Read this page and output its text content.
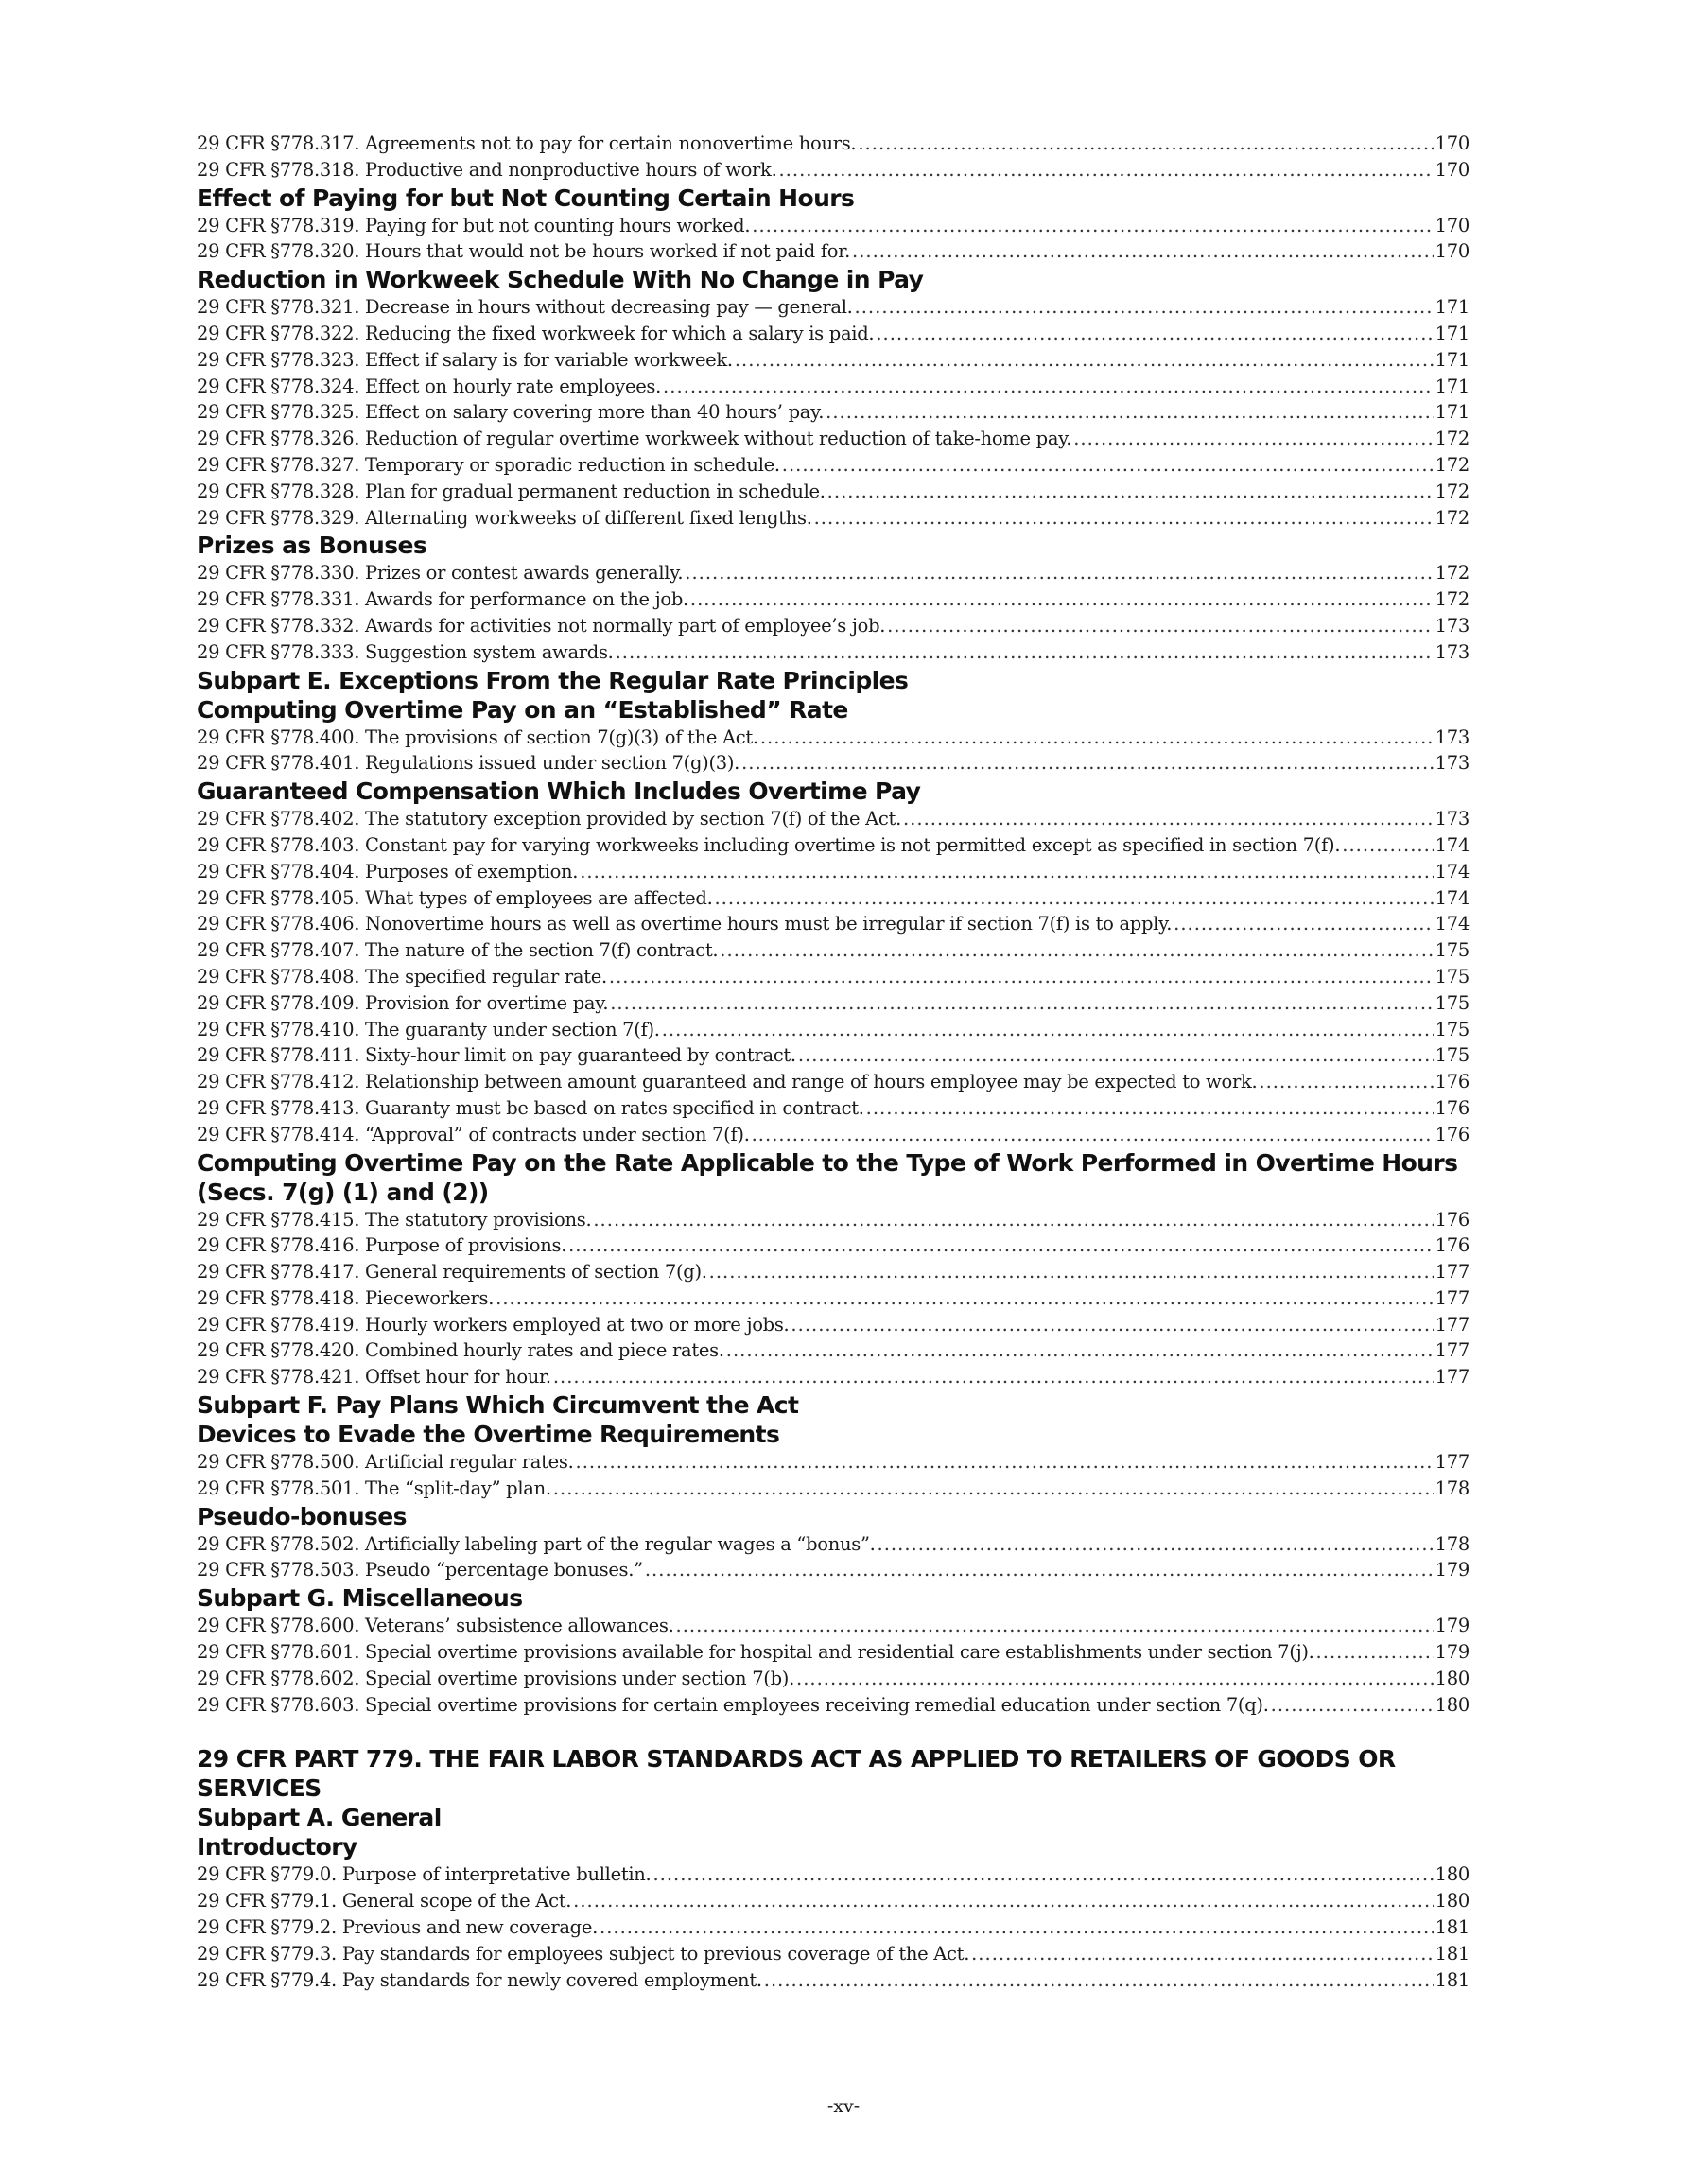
29 CFR §778.317. Agreements not to pay for certain nonovertime hours. .....	170
29 CFR §778.318. Productive and nonproductive hours of work. .....	170
Effect of Paying for but Not Counting Certain Hours
29 CFR §778.319. Paying for but not counting hours worked. .....	170
29 CFR §778.320. Hours that would not be hours worked if not paid for. .....	170
Reduction in Workweek Schedule With No Change in Pay
29 CFR §778.321. Decrease in hours without decreasing pay — general. .....	171
29 CFR §778.322. Reducing the fixed workweek for which a salary is paid. .....	171
29 CFR §778.323. Effect if salary is for variable workweek. .....	171
29 CFR §778.324. Effect on hourly rate employees. .....	171
29 CFR §778.325. Effect on salary covering more than 40 hours’ pay. .....	171
29 CFR §778.326. Reduction of regular overtime workweek without reduction of take-home pay. .....	172
29 CFR §778.327. Temporary or sporadic reduction in schedule. .....	172
29 CFR §778.328. Plan for gradual permanent reduction in schedule. .....	172
29 CFR §778.329. Alternating workweeks of different fixed lengths. .....	172
Prizes as Bonuses
29 CFR §778.330. Prizes or contest awards generally. .....	172
29 CFR §778.331. Awards for performance on the job. .....	172
29 CFR §778.332. Awards for activities not normally part of employee’s job. .....	173
29 CFR §778.333. Suggestion system awards. .....	173
Subpart E. Exceptions From the Regular Rate Principles
Computing Overtime Pay on an “Established” Rate
29 CFR §778.400. The provisions of section 7(g)(3) of the Act. .....	173
29 CFR §778.401. Regulations issued under section 7(g)(3). .....	173
Guaranteed Compensation Which Includes Overtime Pay
29 CFR §778.402. The statutory exception provided by section 7(f) of the Act. .....	173
29 CFR §778.403. Constant pay for varying workweeks including overtime is not permitted except as specified in section 7(f). .....	174
29 CFR §778.404. Purposes of exemption. .....	174
29 CFR §778.405. What types of employees are affected. .....	174
29 CFR §778.406. Nonovertime hours as well as overtime hours must be irregular if section 7(f) is to apply. .....	174
29 CFR §778.407. The nature of the section 7(f) contract. .....	175
29 CFR §778.408. The specified regular rate. .....	175
29 CFR §778.409. Provision for overtime pay. .....	175
29 CFR §778.410. The guaranty under section 7(f). .....	175
29 CFR §778.411. Sixty-hour limit on pay guaranteed by contract. .....	175
29 CFR §778.412. Relationship between amount guaranteed and range of hours employee may be expected to work. .....	176
29 CFR §778.413. Guaranty must be based on rates specified in contract. .....	176
29 CFR §778.414. “Approval” of contracts under section 7(f). .....	176
Computing Overtime Pay on the Rate Applicable to the Type of Work Performed in Overtime Hours (Secs. 7(g) (1) and (2))
29 CFR §778.415. The statutory provisions. .....	176
29 CFR §778.416. Purpose of provisions. .....	176
29 CFR §778.417. General requirements of section 7(g). .....	177
29 CFR §778.418. Pieceworkers. .....	177
29 CFR §778.419. Hourly workers employed at two or more jobs. .....	177
29 CFR §778.420. Combined hourly rates and piece rates. .....	177
29 CFR §778.421. Offset hour for hour. .....	177
Subpart F. Pay Plans Which Circumvent the Act
Devices to Evade the Overtime Requirements
29 CFR §778.500. Artificial regular rates. .....	177
29 CFR §778.501. The “split-day” plan. .....	178
Pseudo-bonuses
29 CFR §778.502. Artificially labeling part of the regular wages a “bonus”. .....	178
29 CFR §778.503. Pseudo “percentage bonuses.” .....	179
Subpart G. Miscellaneous
29 CFR §778.600. Veterans’ subsistence allowances. .....	179
29 CFR §778.601. Special overtime provisions available for hospital and residential care establishments under section 7(j). .....	179
29 CFR §778.602. Special overtime provisions under section 7(b). .....	180
29 CFR §778.603. Special overtime provisions for certain employees receiving remedial education under section 7(q). .....	180
29 CFR PART 779. THE FAIR LABOR STANDARDS ACT AS APPLIED TO RETAILERS OF GOODS OR SERVICES
Subpart A. General
Introductory
29 CFR §779.0. Purpose of interpretative bulletin. .....	180
29 CFR §779.1. General scope of the Act. .....	180
29 CFR §779.2. Previous and new coverage. .....	181
29 CFR §779.3. Pay standards for employees subject to previous coverage of the Act. .....	181
29 CFR §779.4. Pay standards for newly covered employment. .....	181
-xv-
